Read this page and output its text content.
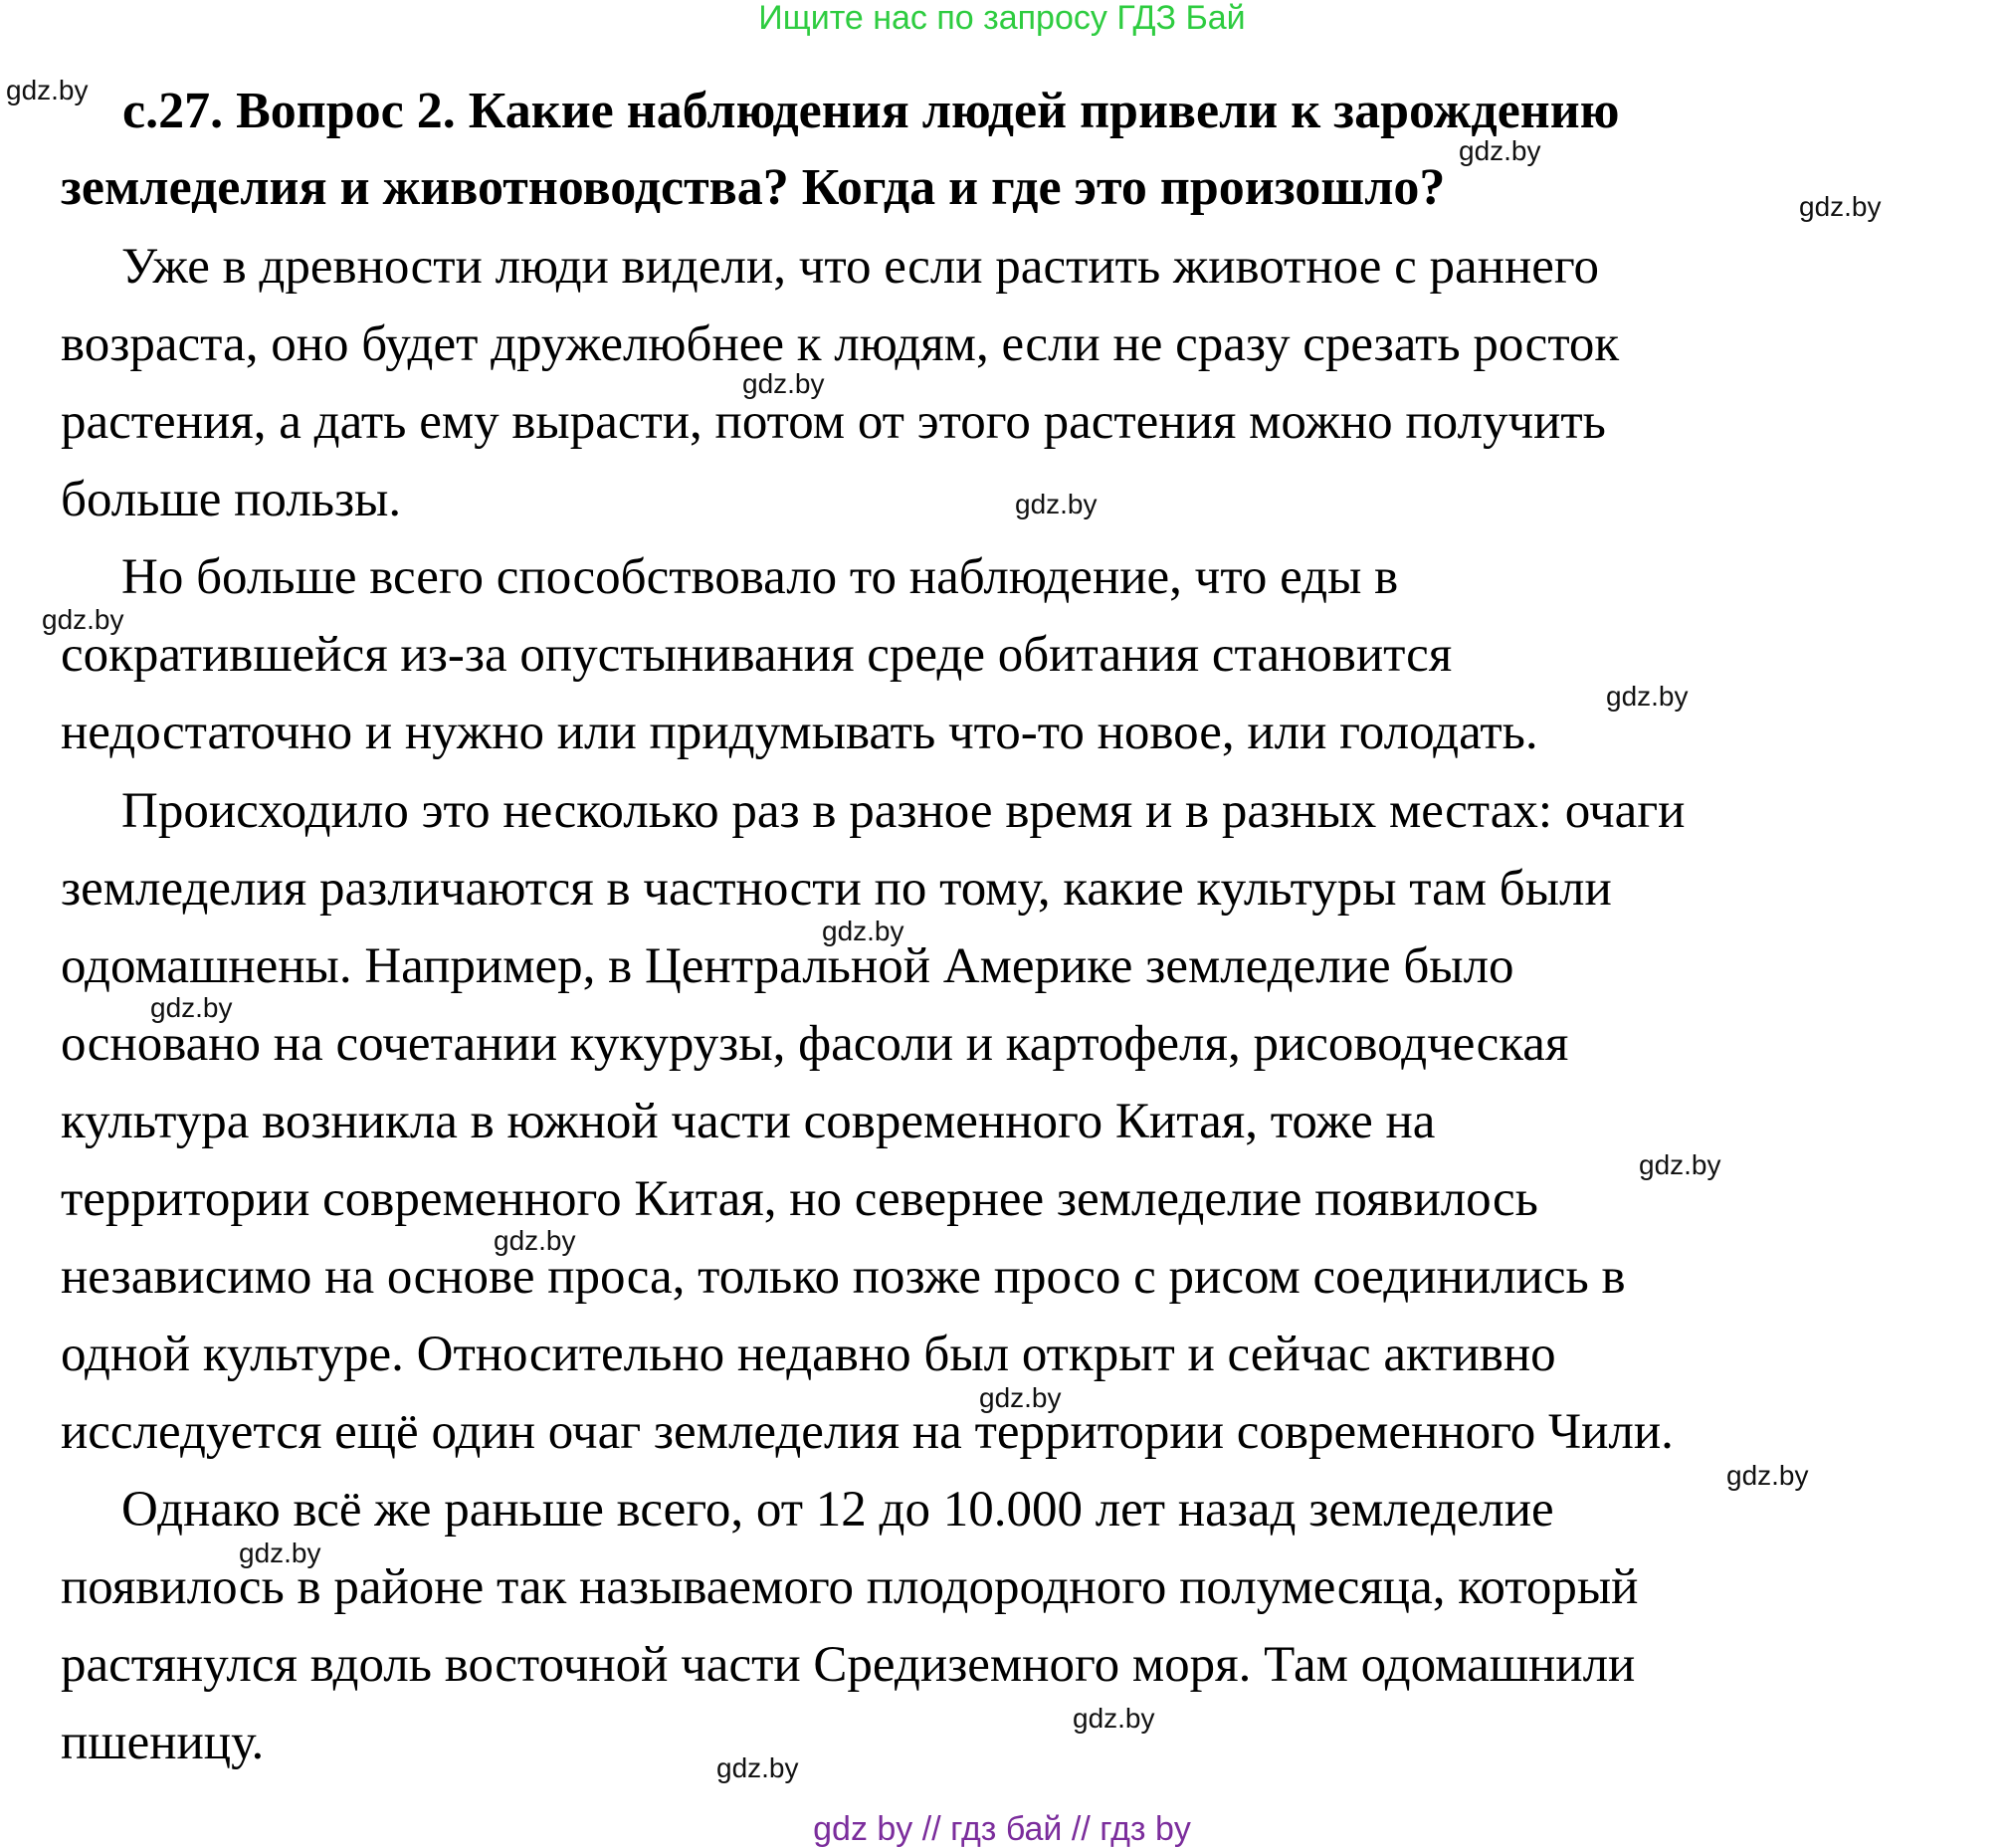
Ищите нас по запросу ГДЗ Бай
с.27. Вопрос 2. Какие наблюдения людей привели к зарождению
земледелия и животноводства? Когда и где это произошло?
Уже в древности люди видели, что если растить животное с раннего
возраста, оно будет дружелюбнее к людям, если не сразу срезать росток
растения, а дать ему вырасти, потом от этого растения можно получить
больше пользы.
Но больше всего способствовало то наблюдение, что еды в
сократившейся из-за опустынивания среде обитания становится
недостаточно и нужно или придумывать что-то новое, или голодать.
Происходило это несколько раз в разное время и в разных местах: очаги
земледелия различаются в частности по тому, какие культуры там были
одомашнены. Например, в Центральной Америке земледелие было
основано на сочетании кукурузы, фасоли и картофеля, рисоводческая
культура возникла в южной части современного Китая, тоже на
территории современного Китая, но севернее земледелие появилось
независимо на основе проса, только позже просо с рисом соединились в
одной культуре. Относительно недавно был открыт и сейчас активно
исследуется ещё один очаг земледелия на территории современного Чили.
Однако всё же раньше всего, от 12 до 10.000 лет назад земледелие
появилось в районе так называемого плодородного полумесяца, который
растянулся вдоль восточной части Средиземного моря. Там одомашнили
пшеницу.
gdz.by
gdz.by
gdz.by
gdz.by
gdz.by
gdz.by
gdz.by
gdz.by
gdz.by
gdz.by
gdz.by
gdz.by
gdz.by
gdz.by
gdz.by
gdz.by
gdz by // гдз бай // гдз by
